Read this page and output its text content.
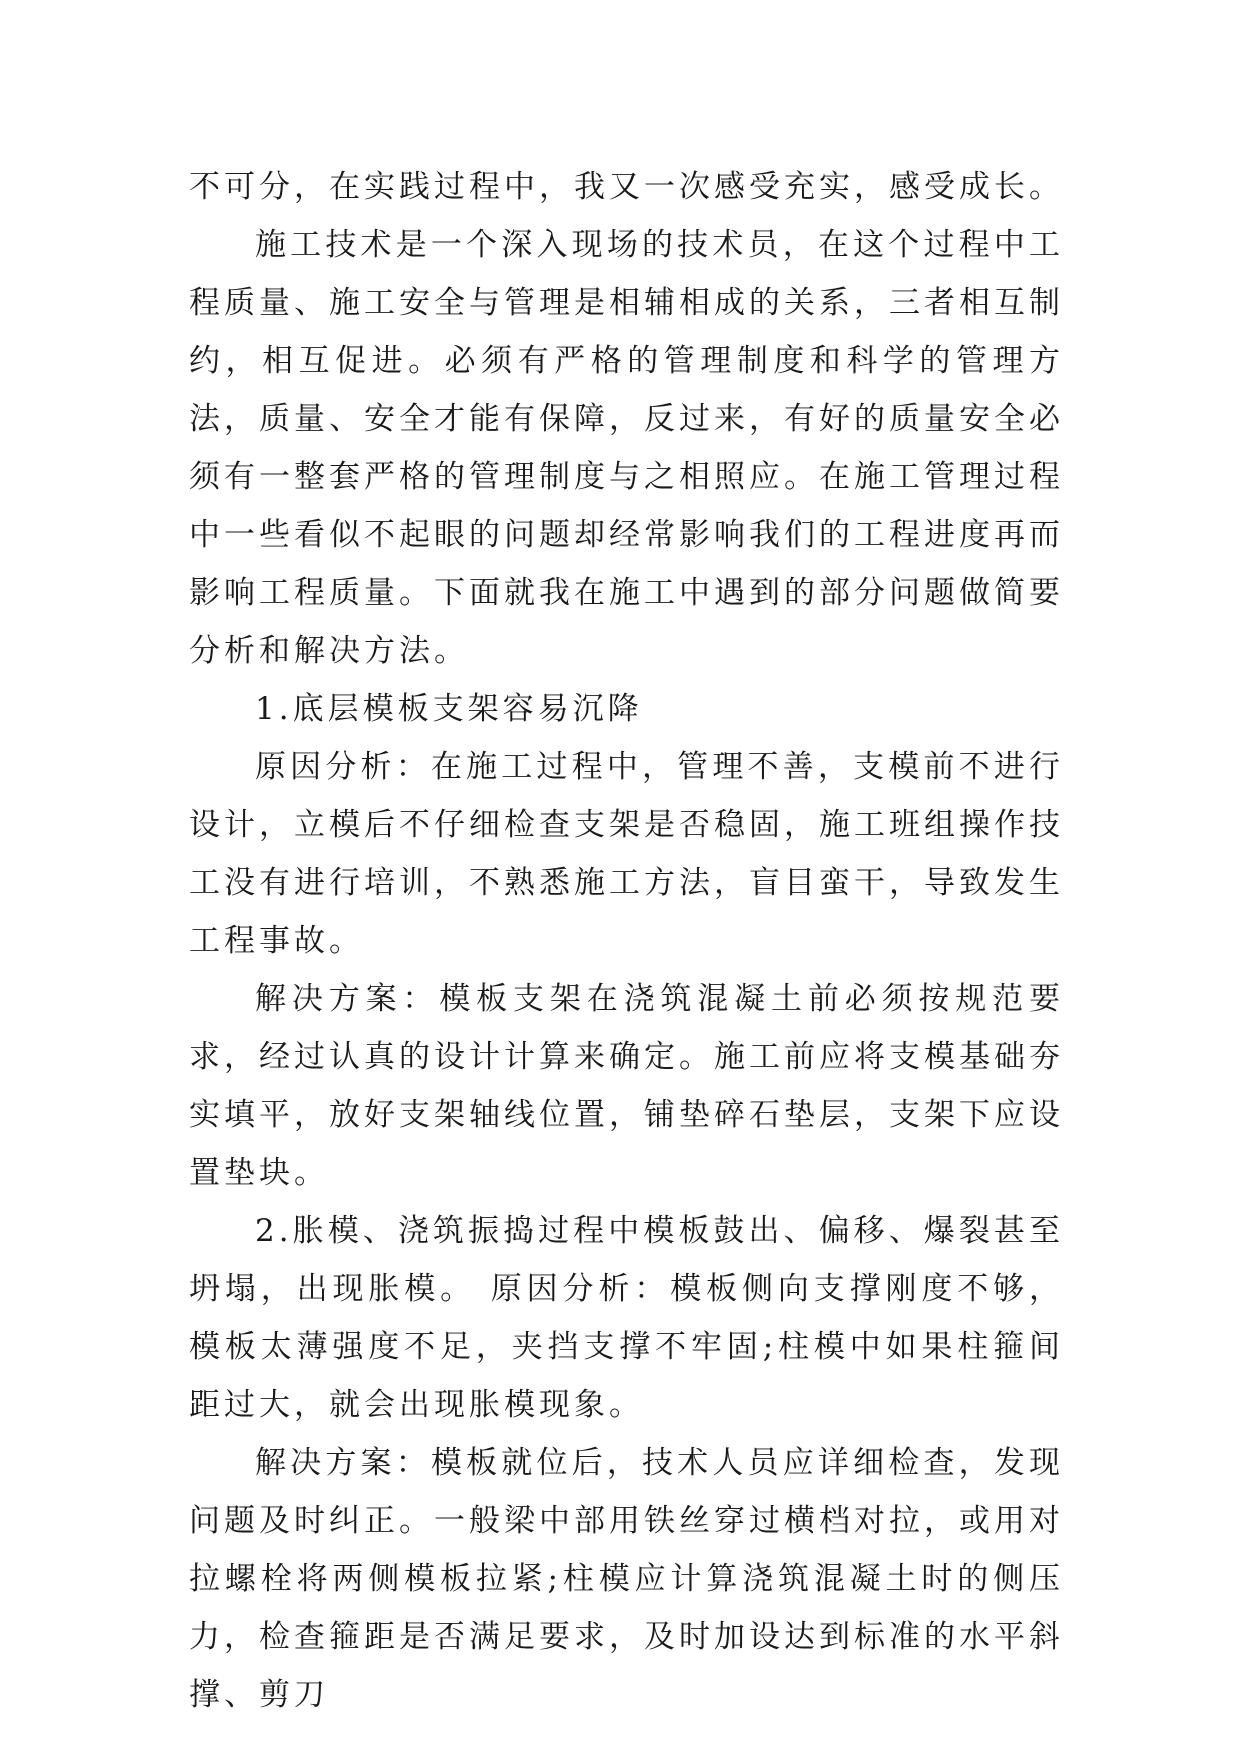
不可分，在实践过程中，我又一次感受充实，感受成长。

施工技术是一个深入现场的技术员，在这个过程中工程质量、施工安全与管理是相辅相成的关系，三者相互制约，相互促进。必须有严格的管理制度和科学的管理方法，质量、安全才能有保障，反过来，有好的质量安全必须有一整套严格的管理制度与之相照应。在施工管理过程中一些看似不起眼的问题却经常影响我们的工程进度再而影响工程质量。下面就我在施工中遇到的部分问题做简要分析和解决方法。

1.底层模板支架容易沉降

原因分析：在施工过程中，管理不善，支模前不进行设计，立模后不仔细检查支架是否稳固，施工班组操作技工没有进行培训，不熟悉施工方法，盲目蛮干，导致发生工程事故。

解决方案：模板支架在浇筑混凝土前必须按规范要求，经过认真的设计计算来确定。施工前应将支模基础夯实填平，放好支架轴线位置，铺垫碎石垫层，支架下应设置垫块。

2.胀模、浇筑振捣过程中模板鼓出、偏移、爆裂甚至坍塌，出现胀模。 原因分析：模板侧向支撑刚度不够，模板太薄强度不足，夹挡支撑不牢固;柱模中如果柱箍间距过大，就会出现胀模现象。

解决方案：模板就位后，技术人员应详细检查，发现问题及时纠正。一般梁中部用铁丝穿过横档对拉，或用对拉螺栓将两侧模板拉紧;柱模应计算浇筑混凝土时的侧压力，检查箍距是否满足要求，及时加设达到标准的水平斜撑、剪刀
